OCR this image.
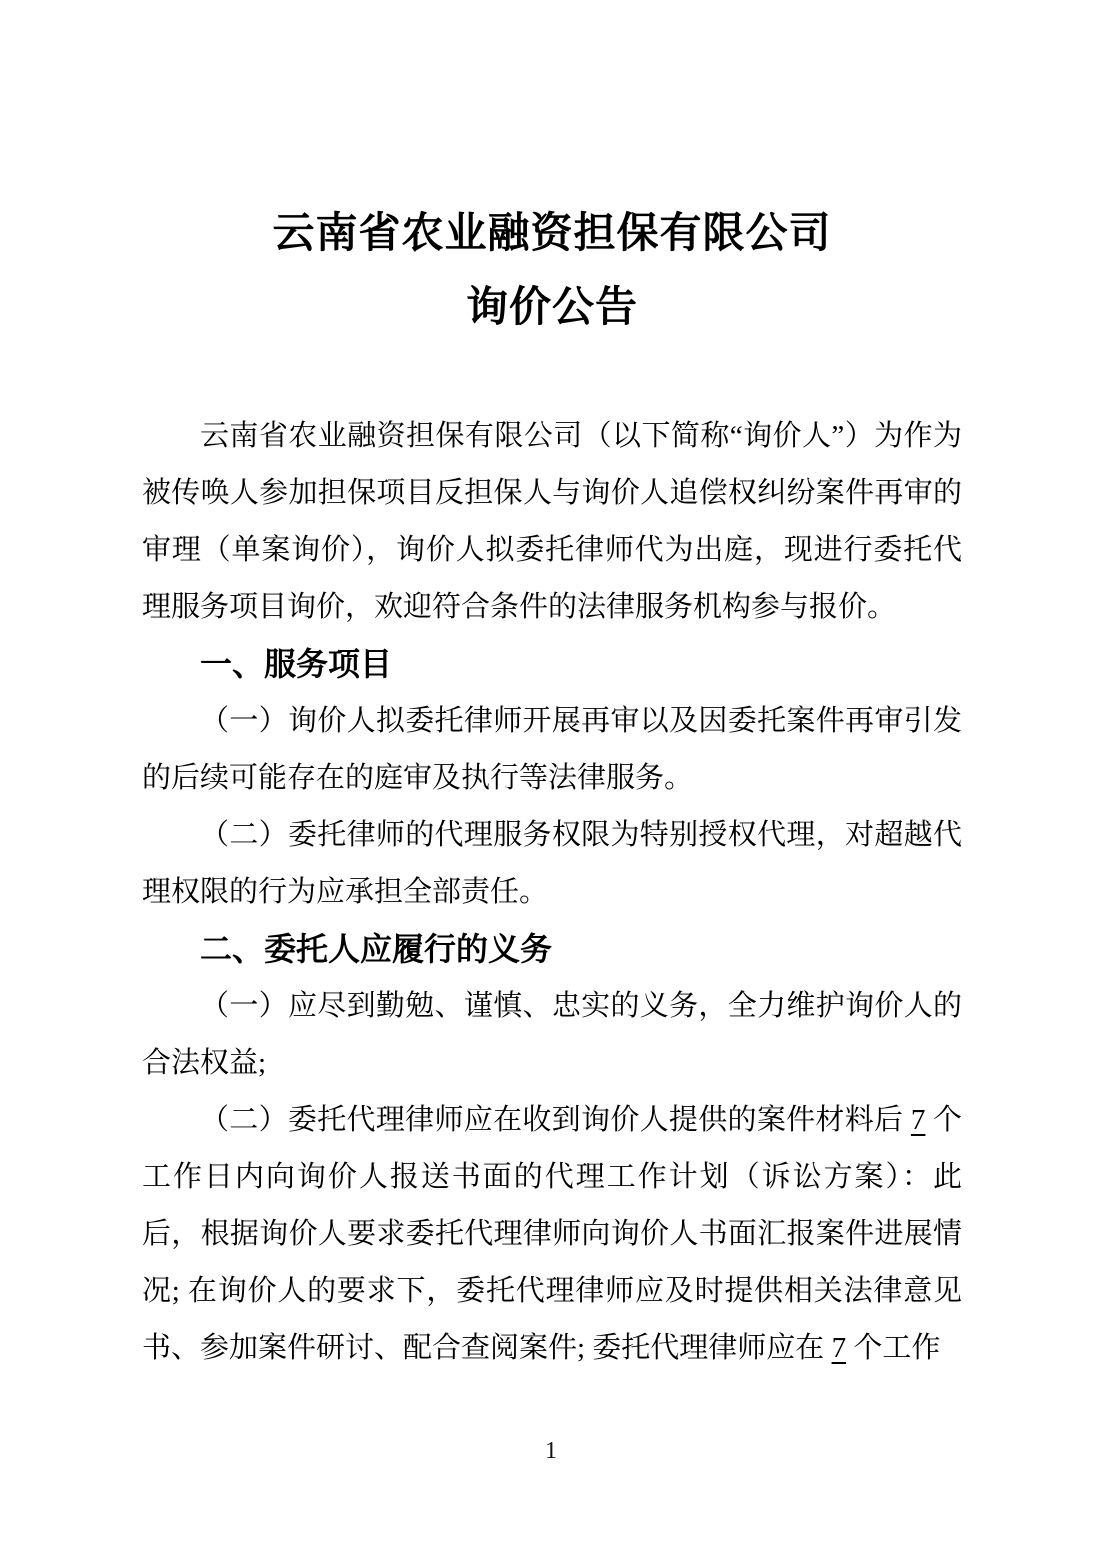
云南省农业融资担保有限公司
询价公告

云南省农业融资担保有限公司（以下简称“询价人”）为作为被传唤人参加担保项目反担保人与询价人追偿权纠纷案件再审的审理（单案询价），询价人拟委托律师代为出庭，现进行委托代理服务项目询价，欢迎符合条件的法律服务机构参与报价。

一、服务项目

（一）询价人拟委托律师开展再审以及因委托案件再审引发的后续可能存在的庭审及执行等法律服务。

（二）委托律师的代理服务权限为特别授权代理，对超越代理权限的行为应承担全部责任。

二、委托人应履行的义务

（一）应尽到勤勉、谨慎、忠实的义务，全力维护询价人的合法权益;

（二）委托代理律师应在收到询价人提供的案件材料后 7 个工作日内向询价人报送书面的代理工作计划（诉讼方案）：此后，根据询价人要求委托代理律师向询价人书面汇报案件进展情况; 在询价人的要求下，委托代理律师应及时提供相关法律意见书、参加案件研讨、配合查阅案件; 委托代理律师应在 7 个工作

1
